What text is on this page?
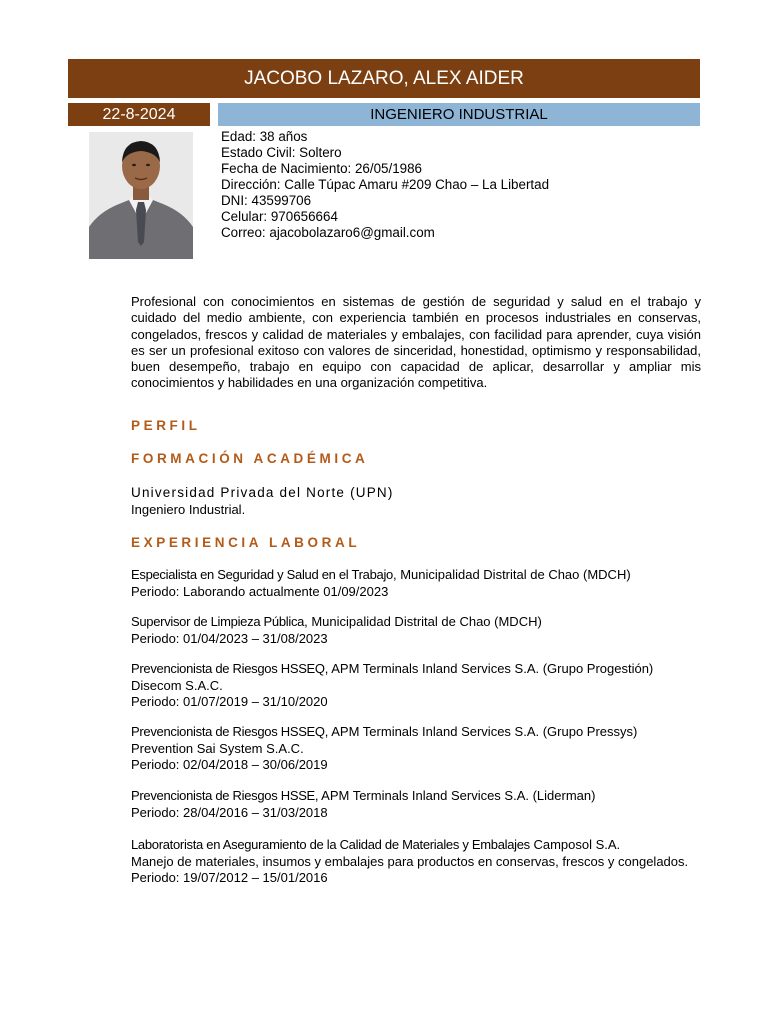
JACOBO LAZARO, ALEX AIDER
22-8-2024	INGENIERO INDUSTRIAL
Edad: 38 años
Estado Civil: Soltero
Fecha de Nacimiento: 26/05/1986
Dirección: Calle Túpac Amaru #209 Chao – La Libertad
DNI: 43599706
Celular: 970656664
Correo: ajacobolazaro6@gmail.com
Profesional con conocimientos en sistemas de gestión de seguridad y salud en el trabajo y cuidado del medio ambiente, con experiencia también en procesos industriales en conservas, congelados, frescos y calidad de materiales y embalajes, con facilidad para aprender, cuya visión es ser un profesional exitoso con valores de sinceridad, honestidad, optimismo y responsabilidad, buen desempeño, trabajo en equipo con capacidad de aplicar, desarrollar y ampliar mis conocimientos y habilidades en una organización competitiva.
PERFIL
FORMACIÓN ACADÉMICA
Universidad Privada del Norte (UPN)
Ingeniero Industrial.
EXPERIENCIA LABORAL
Especialista en Seguridad y Salud en el Trabajo, Municipalidad Distrital de Chao (MDCH)
Periodo: Laborando actualmente 01/09/2023
Supervisor de Limpieza Pública, Municipalidad Distrital de Chao (MDCH)
Periodo: 01/04/2023 – 31/08/2023
Prevencionista de Riesgos HSSEQ, APM Terminals Inland Services S.A. (Grupo Progestión)
Disecom S.A.C.
Periodo: 01/07/2019 – 31/10/2020
Prevencionista de Riesgos HSSEQ, APM Terminals Inland Services S.A. (Grupo Pressys)
Prevention Sai System S.A.C.
Periodo: 02/04/2018 – 30/06/2019
Prevencionista de Riesgos HSSE, APM Terminals Inland Services S.A. (Liderman)
Periodo: 28/04/2016 – 31/03/2018
Laboratorista en Aseguramiento de la Calidad de Materiales y Embalajes Camposol S.A.
Manejo de materiales, insumos y embalajes para productos en conservas, frescos y congelados.
Periodo: 19/07/2012 – 15/01/2016
